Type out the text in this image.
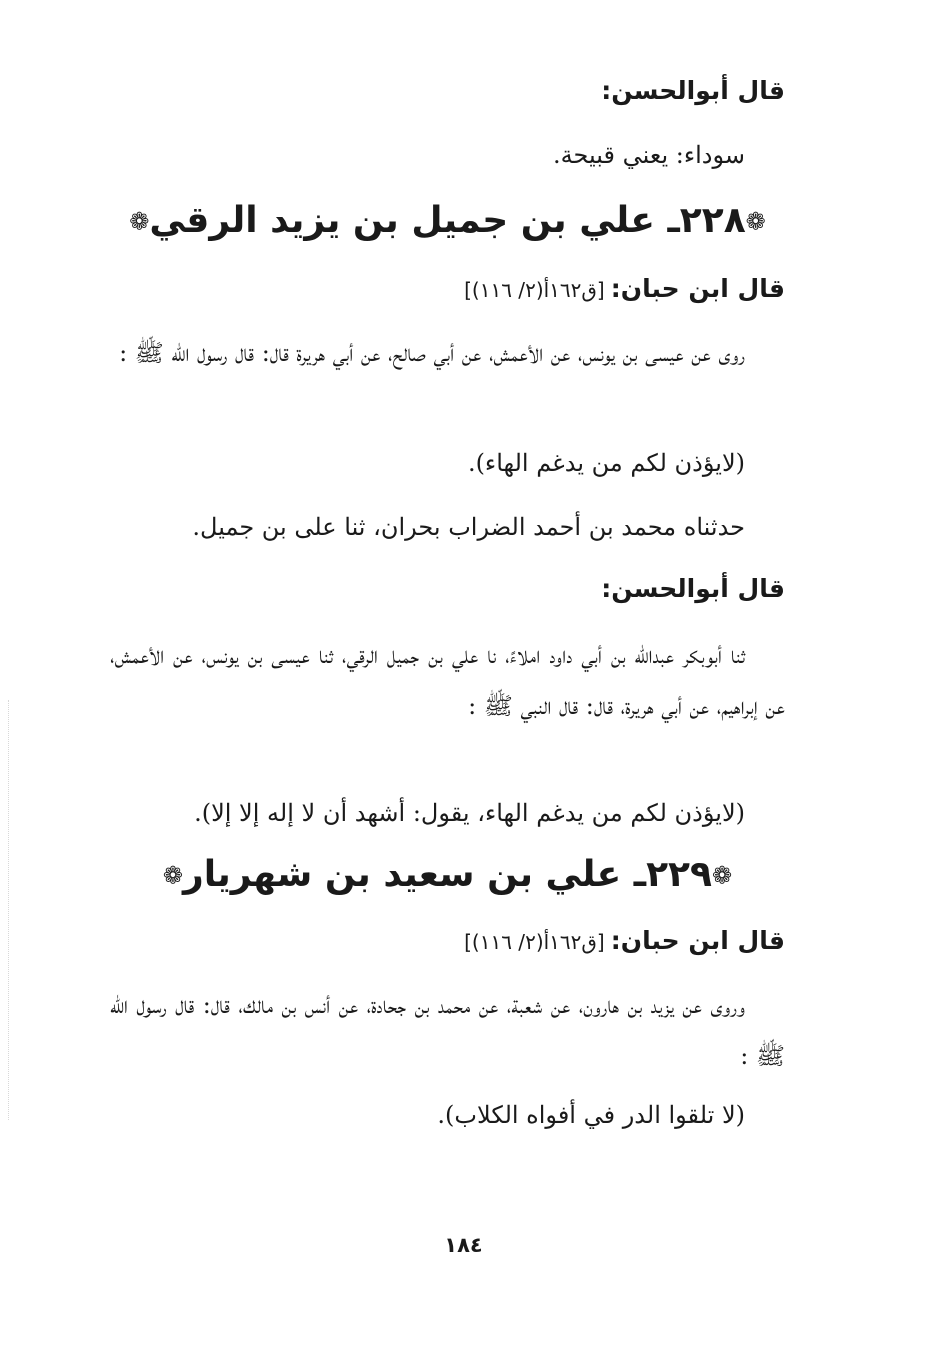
قال أبوالحسن:
سوداء: يعني قبيحة.
❁٢٢٨ـ علي بن جميل بن يزيد الرقي❁
قال ابن حبان:[ق١٦٢أ(٢/ ١١٦)]
روى عن عيسى بن يونس، عن الأعمش، عن أبي صالح، عن أبي هريرة قال: قال رسول الله ﷺ :
(لايؤذن لكم من يدغم الهاء).
حدثناه محمد بن أحمد الضراب بحران، ثنا على بن جميل.
قال أبوالحسن:
ثنا أبوبكر عبدالله بن أبي داود املاءً، نا علي بن جميل الرقي، ثنا عيسى بن يونس، عن الأعمش، عن إبراهيم، عن أبي هريرة، قال: قال النبي ﷺ :
(لايؤذن لكم من يدغم الهاء، يقول: أشهد أن لا إله إلا إلا).
❁٢٢٩ـ علي بن سعيد بن شهريار❁
قال ابن حبان:[ق١٦٢أ(٢/ ١١٦)]
وروى عن يزيد بن هارون، عن شعبة، عن محمد بن جحادة، عن أنس بن مالك، قال: قال رسول الله ﷺ :
(لا تلقوا الدر في أفواه الكلاب).
١٨٤
